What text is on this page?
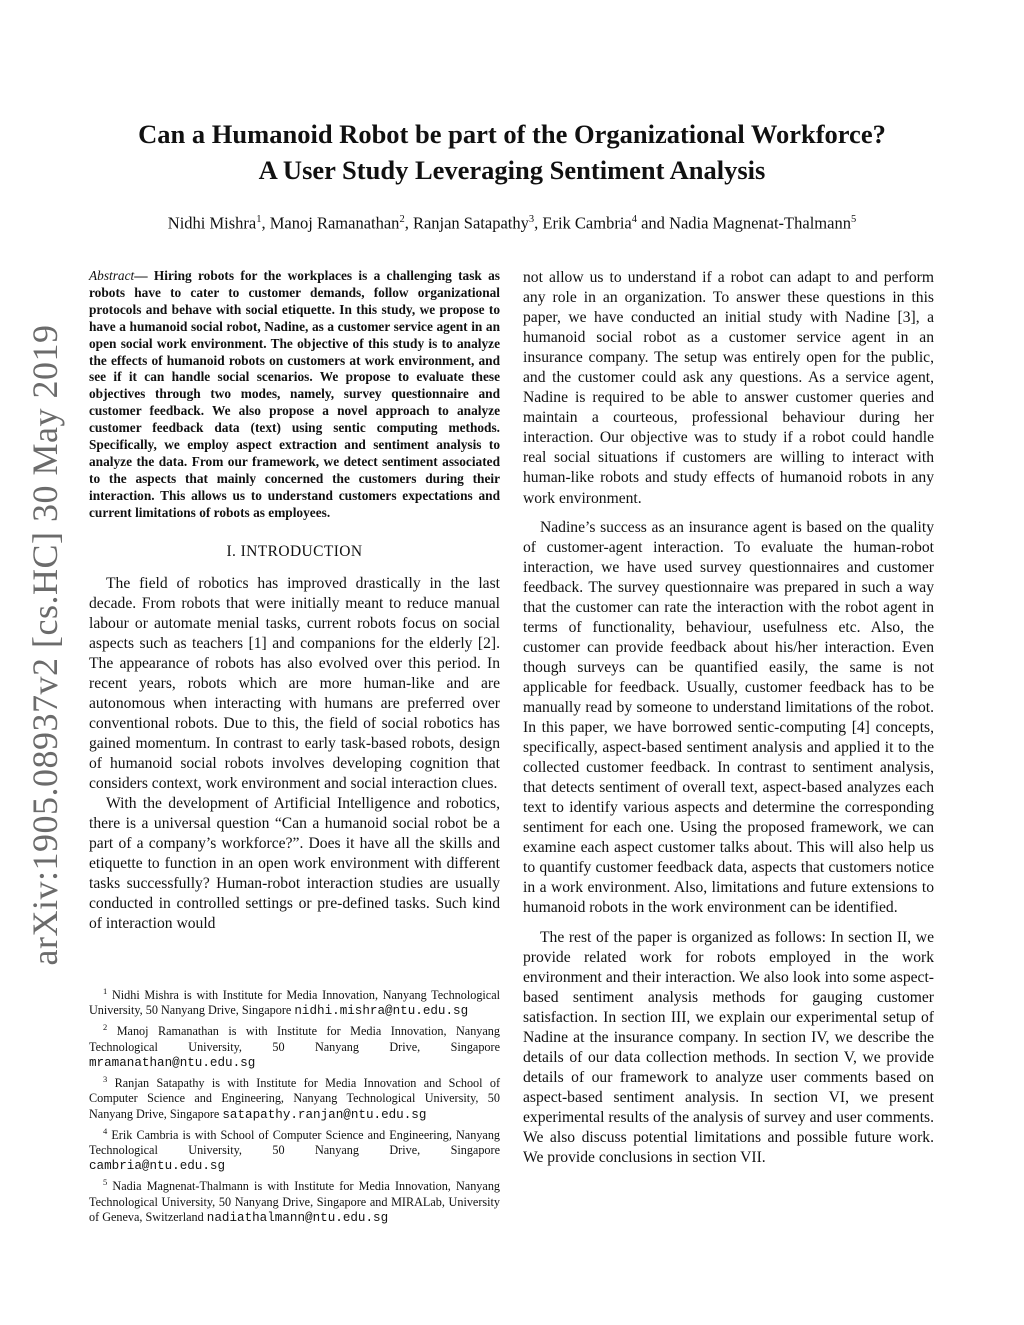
Can a Humanoid Robot be part of the Organizational Workforce?
A User Study Leveraging Sentiment Analysis
Nidhi Mishra$^1$, Manoj Ramanathan$^2$, Ranjan Satapathy$^3$, Erik Cambria$^4$ and Nadia Magnenat-Thalmann$^5$
arXiv:1905.08937v2 [cs.HC] 30 May 2019

Abstract— Hiring robots for the workplaces is a challenging task as robots have to cater to customer demands, follow organizational protocols and behave with social etiquette. In this study, we propose to have a humanoid social robot, Nadine, as a customer service agent in an open social work environment. The objective of this study is to analyze the effects of humanoid robots on customers at work environment, and see if it can handle social scenarios. We propose to evaluate these objectives through two modes, namely, survey questionnaire and customer feedback. We also propose a novel approach to analyze customer feedback data (text) using sentic computing methods. Specifically, we employ aspect extraction and sentiment analysis to analyze the data. From our framework, we detect sentiment associated to the aspects that mainly concerned the customers during their interaction. This allows us to understand customers expectations and current limitations of robots as employees.

I. INTRODUCTION

The field of robotics has improved drastically in the last decade. From robots that were initially meant to reduce manual labour or automate menial tasks, current robots focus on social aspects such as teachers [1] and companions for the elderly [2]. The appearance of robots has also evolved over this period. In recent years, robots which are more human-like and are autonomous when interacting with humans are preferred over conventional robots. Due to this, the field of social robotics has gained momentum. In contrast to early task-based robots, design of humanoid social robots involves developing cognition that considers context, work environment and social interaction clues.

With the development of Artificial Intelligence and robotics, there is a universal question “Can a humanoid social robot be a part of a company’s workforce?”. Does it have all the skills and etiquette to function in an open work environment with different tasks successfully? Human-robot interaction studies are usually conducted in controlled settings or pre-defined tasks. Such kind of interaction would

$^1$ Nidhi Mishra is with Institute for Media Innovation, Nanyang Technological University, 50 Nanyang Drive, Singapore nidhi.mishra@ntu.edu.sg

$^2$ Manoj Ramanathan is with Institute for Media Innovation, Nanyang Technological University, 50 Nanyang Drive, Singapore mramanathan@ntu.edu.sg

$^3$ Ranjan Satapathy is with Institute for Media Innovation and School of Computer Science and Engineering, Nanyang Technological University, 50 Nanyang Drive, Singapore satapathy.ranjan@ntu.edu.sg

$^4$ Erik Cambria is with School of Computer Science and Engineering, Nanyang Technological University, 50 Nanyang Drive, Singapore cambria@ntu.edu.sg

$^5$ Nadia Magnenat-Thalmann is with Institute for Media Innovation, Nanyang Technological University, 50 Nanyang Drive, Singapore and MIRALab, University of Geneva, Switzerland nadiathalmann@ntu.edu.sg

not allow us to understand if a robot can adapt to and perform any role in an organization. To answer these questions in this paper, we have conducted an initial study with Nadine [3], a humanoid social robot as a customer service agent in an insurance company. The setup was entirely open for the public, and the customer could ask any questions. As a service agent, Nadine is required to be able to answer customer queries and maintain a courteous, professional behaviour during her interaction. Our objective was to study if a robot could handle real social situations if customers are willing to interact with human-like robots and study effects of humanoid robots in any work environment.

Nadine’s success as an insurance agent is based on the quality of customer-agent interaction. To evaluate the human-robot interaction, we have used survey questionnaires and customer feedback. The survey questionnaire was prepared in such a way that the customer can rate the interaction with the robot agent in terms of functionality, behaviour, usefulness etc. Also, the customer can provide feedback about his/her interaction. Even though surveys can be quantified easily, the same is not applicable for feedback. Usually, customer feedback has to be manually read by someone to understand limitations of the robot. In this paper, we have borrowed sentic-computing [4] concepts, specifically, aspect-based sentiment analysis and applied it to the collected customer feedback. In contrast to sentiment analysis, that detects sentiment of overall text, aspect-based analyzes each text to identify various aspects and determine the corresponding sentiment for each one. Using the proposed framework, we can examine each aspect customer talks about. This will also help us to quantify customer feedback data, aspects that customers notice in a work environment. Also, limitations and future extensions to humanoid robots in the work environment can be identified.

The rest of the paper is organized as follows: In section II, we provide related work for robots employed in the work environment and their interaction. We also look into some aspect-based sentiment analysis methods for gauging customer satisfaction. In section III, we explain our experimental setup of Nadine at the insurance company. In section IV, we describe the details of our data collection methods. In section V, we provide details of our framework to analyze user comments based on aspect-based sentiment analysis. In section VI, we present experimental results of the analysis of survey and user comments. We also discuss potential limitations and possible future work. We provide conclusions in section VII.
